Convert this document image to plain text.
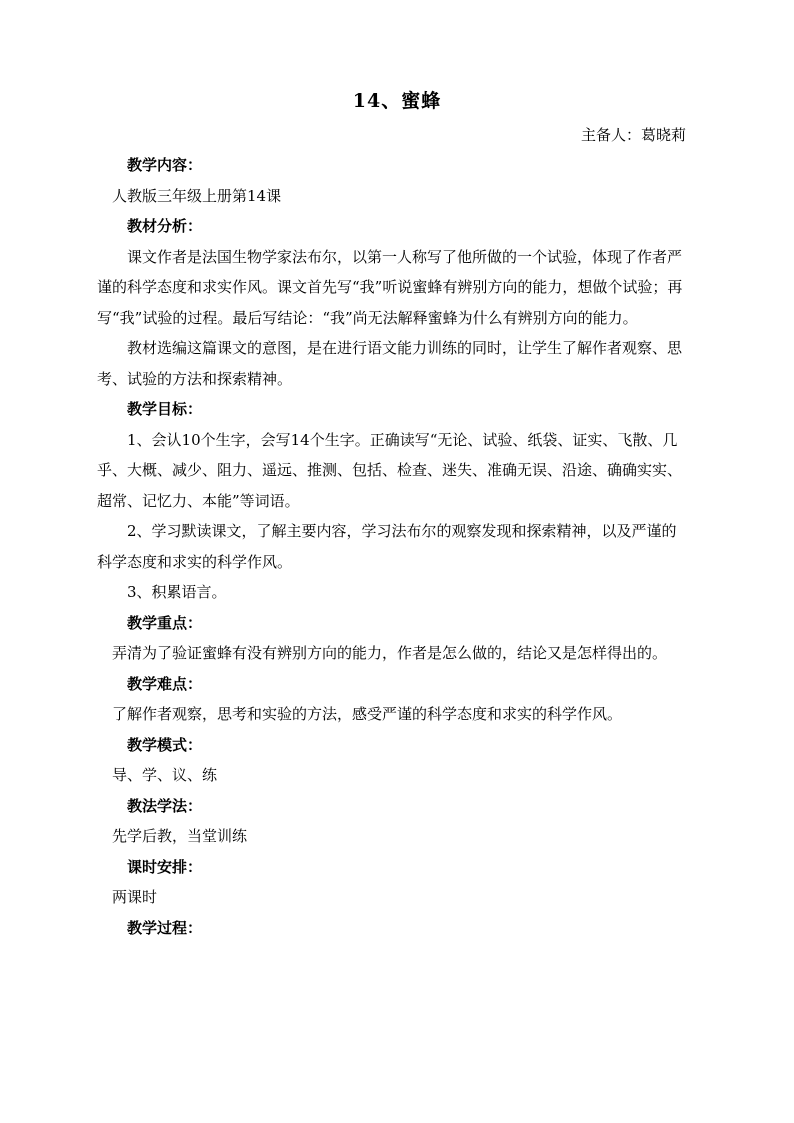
14、蜜蜂
主备人：葛晓莉

教学内容：

人教版三年级上册第14课

教材分析：

课文作者是法国生物学家法布尔，以第一人称写了他所做的一个试验，体现了作者严谨的科学态度和求实作风。课文首先写“我”听说蜜蜂有辨别方向的能力，想做个试验；再写“我”试验的过程。最后写结论：“我”尚无法解释蜜蜂为什么有辨别方向的能力。

教材选编这篇课文的意图，是在进行语文能力训练的同时，让学生了解作者观察、思考、试验的方法和探索精神。

教学目标：

1、会认10个生字，会写14个生字。正确读写“无论、试验、纸袋、证实、飞散、几乎、大概、减少、阻力、遥远、推测、包括、检查、迷失、准确无误、沿途、确确实实、超常、记忆力、本能”等词语。

2、学习默读课文，了解主要内容，学习法布尔的观察发现和探索精神，以及严谨的科学态度和求实的科学作风。

3、积累语言。

教学重点：

弄清为了验证蜜蜂有没有辨别方向的能力，作者是怎么做的，结论又是怎样得出的。

教学难点：

了解作者观察，思考和实验的方法，感受严谨的科学态度和求实的科学作风。

教学模式：

导、学、议、练

教法学法：

先学后教，当堂训练

课时安排：

两课时

教学过程：
